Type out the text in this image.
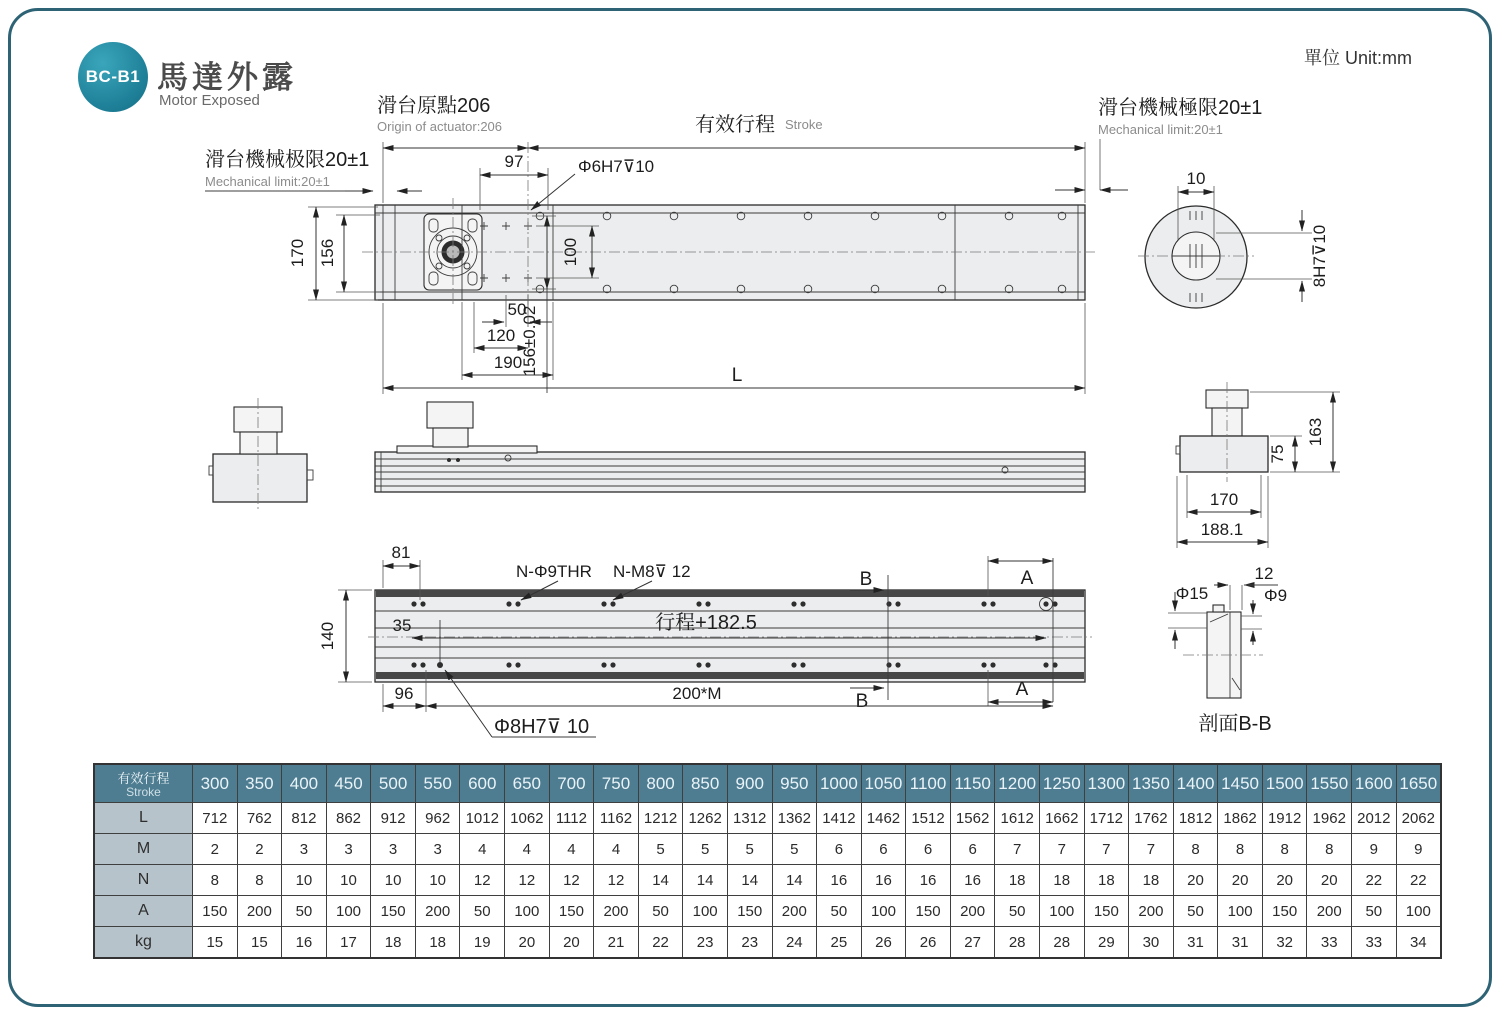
BC-B1 馬達外露
Motor Exposed
單位 Unit:mm
滑台原點206
Origin of actuator:206	有效行程 Stroke
滑台機械極限20±1
Mechanical limit:20±1
滑台機械极限20±1
Mechanical limit:20±1
97	Φ6H7⊽10
170 156	100
156±0.02
50
120
190
L
10
8H7⊽10
163
75
170
188.1
140
81
N-Φ9THR N-M8⊽ 12	B
B
A
A
35	行程+182.5
96	200*M
Φ8H7⊽ 10
Φ15
12
Φ9
剖面B-B
有效行程
Stroke	300	350	400	450	500	550	600	650	700	750	800	850	900	950	1000	1050	1100	1150	1200	1250	1300	1350	1400	1450	1500	1550	1600	1650
L	712	762	812	862	912	962	1012	1062	1112	1162	1212	1262	1312	1362	1412	1462	1512	1562	1612	1662	1712	1762	1812	1862	1912	1962	2012	2062
M	2	2	3	3	3	3	4	4	4	4	5	5	5	5	6	6	6	6	7	7	7	7	8	8	8	8	9	9
N	8	8	10	10	10	10	12	12	12	12	14	14	14	14	16	16	16	16	18	18	18	18	20	20	20	20	22	22
A	150	200	50	100	150	200	50	100	150	200	50	100	150	200	50	100	150	200	50	100	150	200	50	100	150	200	50	100
kg	15	15	16	17	18	18	19	20	20	21	22	23	23	24	25	26	26	27	28	28	29	30	31	31	32	33	33	34
